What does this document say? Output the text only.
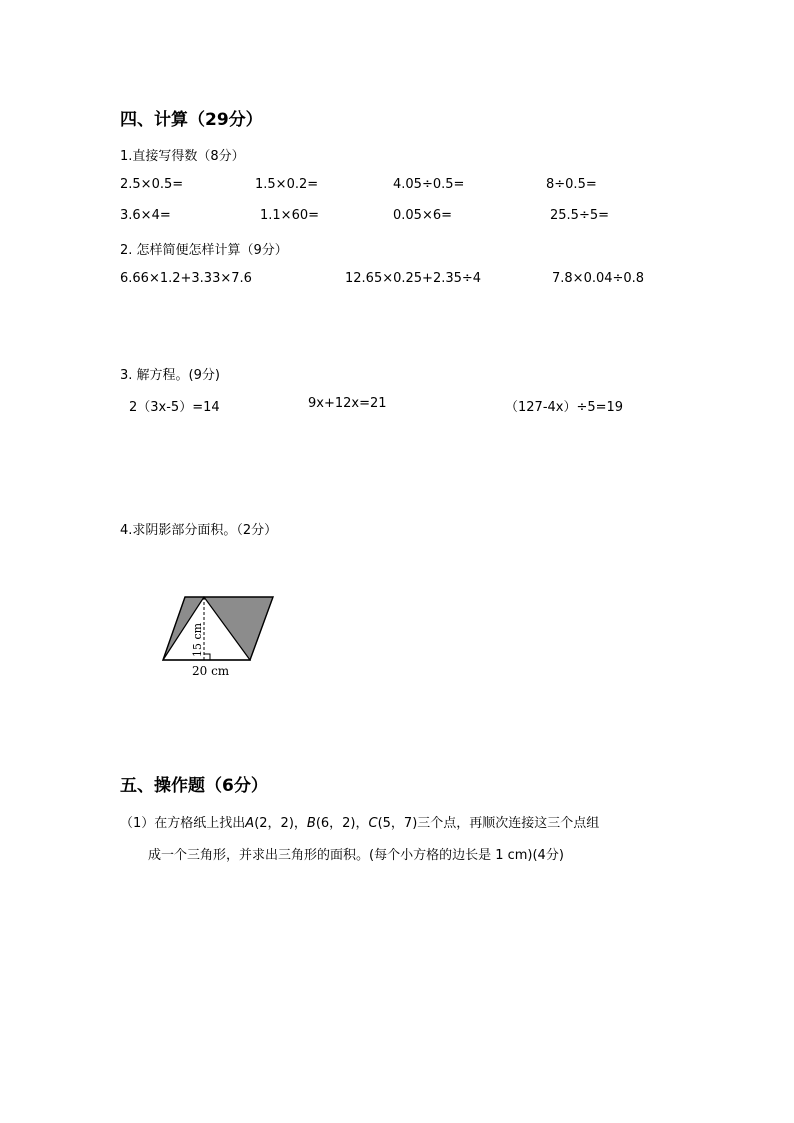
四、计算（29分）
1.直接写得数（8分）
2.5×0.5=	1.5×0.2=	4.05÷0.5=	8÷0.5=
3.6×4=	1.1×60=	0.05×6=	25.5÷5=
2. 怎样简便怎样计算（9分）
6.66×1.2+3.33×7.6	12.65×0.25+2.35÷4	7.8×0.04÷0.8
3. 解方程。(9分)
2（3x-5）=14	9x+12x=21	（127-4x）÷5=19
4.求阴影部分面积。（2分）
15 cm
20 cm
五、操作题（6分）
（1）在方格纸上找出A(2，2)，B(6，2)，C(5，7)三个点，再顺次连接这三个点组
成一个三角形，并求出三角形的面积。(每个小方格的边长是 1 cm)(4分)
